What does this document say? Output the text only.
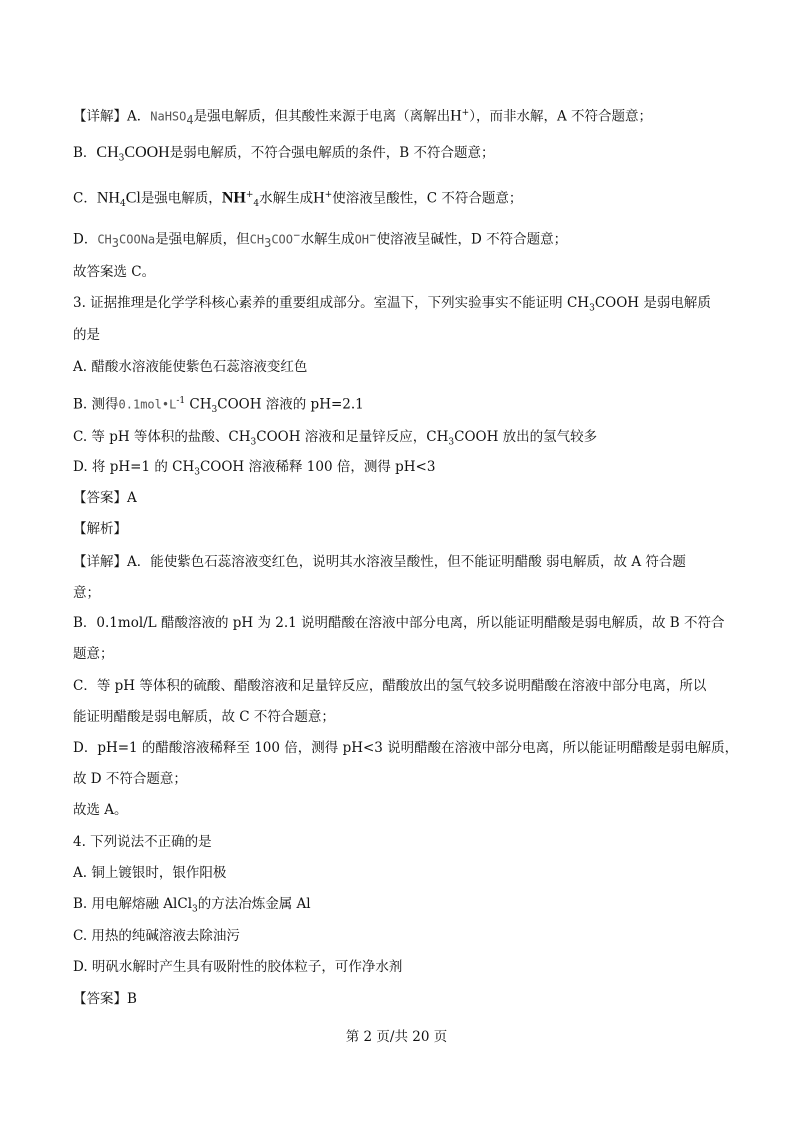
【详解】A．NaHSO$_4$是强电解质，但其酸性来源于电离（离解出H+），而非水解，A 不符合题意；
B．$CH_3COOH$是弱电解质，不符合强电解质的条件，B 不符合题意；
C．$NH_4Cl$是强电解质，$NH^+_4$水解生成H+使溶液呈酸性，C 不符合题意；
D．$CH_3COONa$是强电解质，但$CH_3COO^-$水解生成OH−使溶液呈碱性，D 不符合题意；
故答案选 C。
3. 证据推理是化学学科核心素养的重要组成部分。室温下，下列实验事实不能证明 $CH_3COOH$ 是弱电解质
的是
A. 醋酸水溶液能使紫色石蕊溶液变红色
B. 测得$0.1mol•L^{-1}$ $CH_3COOH$ 溶液的 pH=2.1
C. 等 pH 等体积的盐酸、$CH_3COOH$ 溶液和足量锌反应，$CH_3COOH$ 放出的氢气较多
D. 将 pH=1 的 $CH_3COOH$ 溶液稀释 100 倍，测得 pH<3
【答案】A
【解析】
【详解】A．能使紫色石蕊溶液变红色，说明其水溶液呈酸性，但不能证明醋酸 弱电解质，故 A 符合题
意；
B．0.1mol/L 醋酸溶液的 pH 为 2.1 说明醋酸在溶液中部分电离，所以能证明醋酸是弱电解质，故 B 不符合
题意；
C．等 pH 等体积的硫酸、醋酸溶液和足量锌反应，醋酸放出的氢气较多说明醋酸在溶液中部分电离，所以
能证明醋酸是弱电解质，故 C 不符合题意；
D．pH=1 的醋酸溶液稀释至 100 倍，测得 pH<3 说明醋酸在溶液中部分电离，所以能证明醋酸是弱电解质，
故 D 不符合题意；
故选 A。
4. 下列说法不正确的是
A. 铜上镀银时，银作阳极
B. 用电解熔融 AlCl$_3$的方法冶炼金属 Al
C. 用热的纯碱溶液去除油污
D. 明矾水解时产生具有吸附性的胶体粒子，可作净水剂
【答案】B
第 2 页/共 20 页
